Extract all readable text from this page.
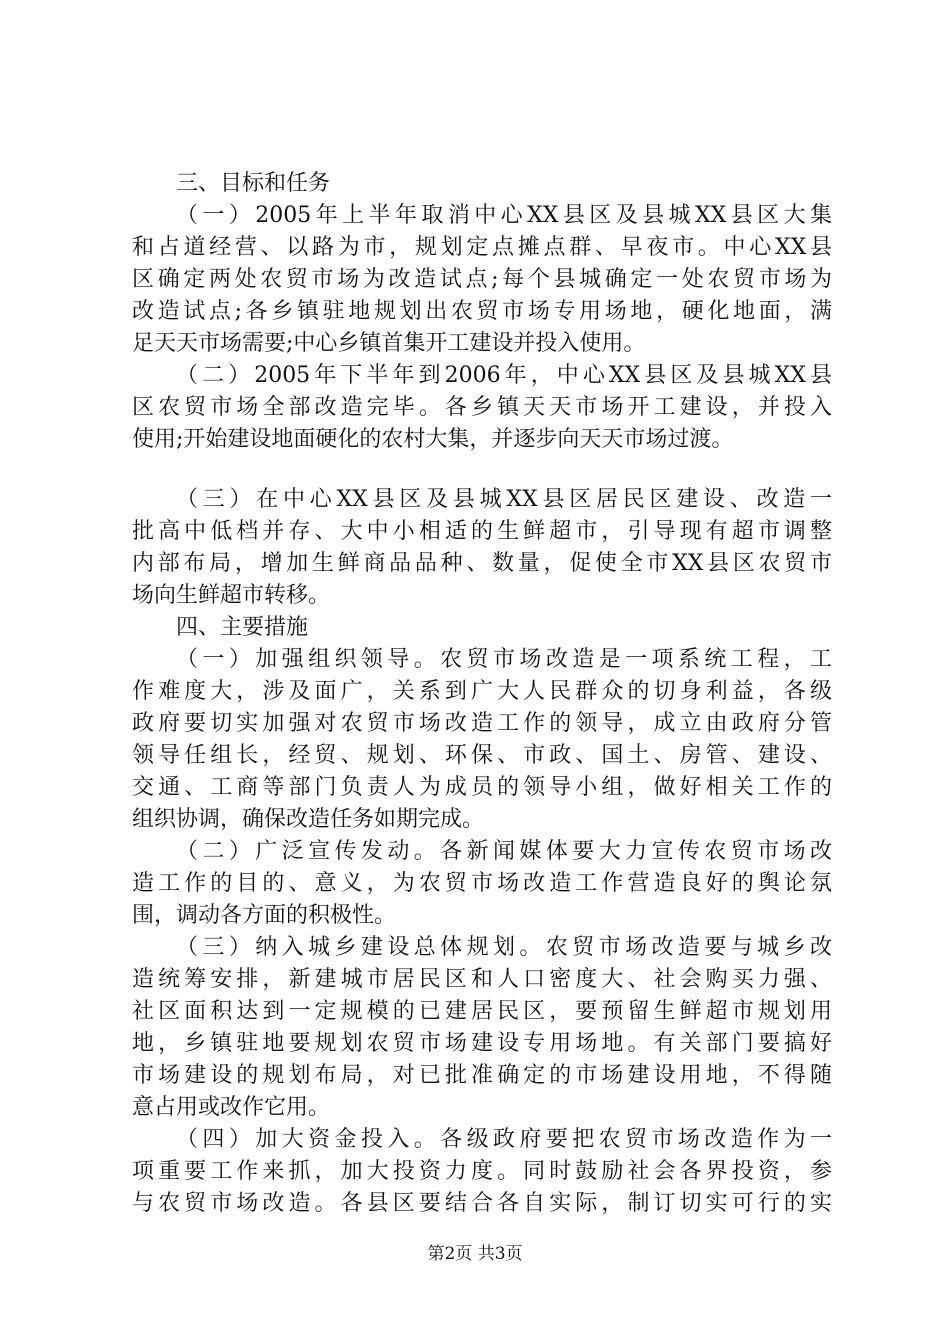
三、目标和任务
（一）2005年上半年取消中心XX县区及县城XX县区大集
和占道经营、以路为市，规划定点摊点群、早夜市。中心XX县
区确定两处农贸市场为改造试点;每个县城确定一处农贸市场为
改造试点;各乡镇驻地规划出农贸市场专用场地，硬化地面，满
足天天市场需要;中心乡镇首集开工建设并投入使用。
（二）2005年下半年到2006年，中心XX县区及县城XX县
区农贸市场全部改造完毕。各乡镇天天市场开工建设，并投入
使用;开始建设地面硬化的农村大集，并逐步向天天市场过渡。
（三）在中心XX县区及县城XX县区居民区建设、改造一
批高中低档并存、大中小相适的生鲜超市，引导现有超市调整
内部布局，增加生鲜商品品种、数量，促使全市XX县区农贸市
场向生鲜超市转移。
四、主要措施
（一）加强组织领导。农贸市场改造是一项系统工程，工
作难度大，涉及面广，关系到广大人民群众的切身利益，各级
政府要切实加强对农贸市场改造工作的领导，成立由政府分管
领导任组长，经贸、规划、环保、市政、国土、房管、建设、
交通、工商等部门负责人为成员的领导小组，做好相关工作的
组织协调，确保改造任务如期完成。
（二）广泛宣传发动。各新闻媒体要大力宣传农贸市场改
造工作的目的、意义，为农贸市场改造工作营造良好的舆论氛
围，调动各方面的积极性。
（三）纳入城乡建设总体规划。农贸市场改造要与城乡改
造统筹安排，新建城市居民区和人口密度大、社会购买力强、
社区面积达到一定规模的已建居民区，要预留生鲜超市规划用
地，乡镇驻地要规划农贸市场建设专用场地。有关部门要搞好
市场建设的规划布局，对已批准确定的市场建设用地，不得随
意占用或改作它用。
（四）加大资金投入。各级政府要把农贸市场改造作为一
项重要工作来抓，加大投资力度。同时鼓励社会各界投资，参
与农贸市场改造。各县区要结合各自实际，制订切实可行的实
第2页 共3页
